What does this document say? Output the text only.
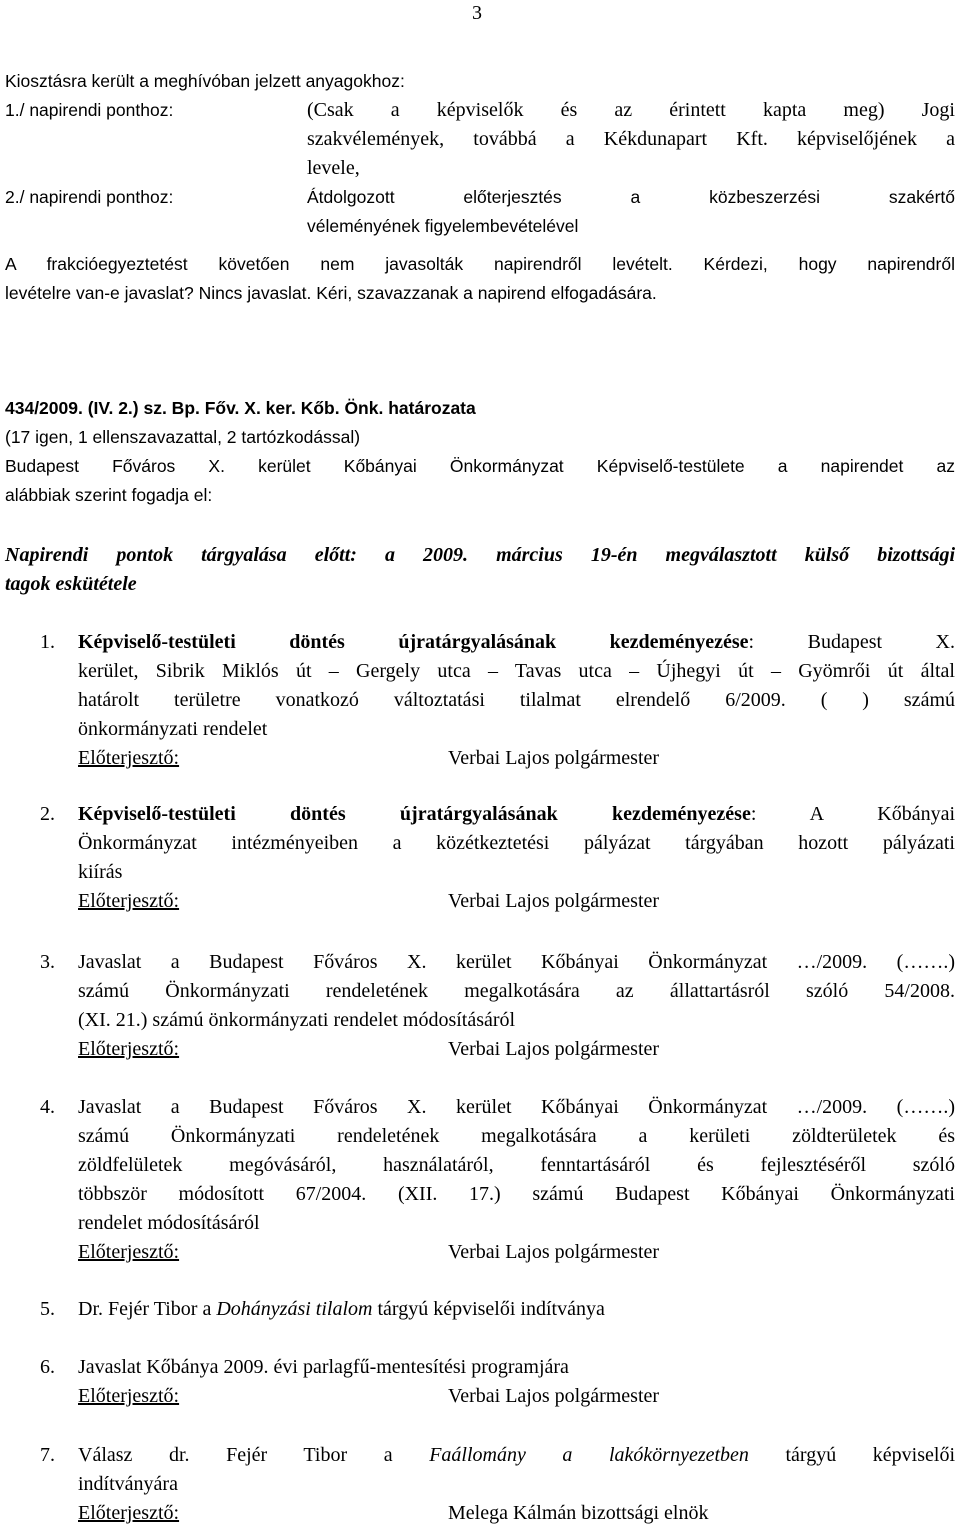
3
Kiosztásra került a meghívóban jelzett anyagokhoz:
1./ napirendi ponthoz:	(Csak a képviselők és az érintett kapta meg) Jogi
szakvélemények, továbbá a Kékdunapart Kft. képviselőjének a
levele,
2./ napirendi ponthoz:	Átdolgozott előterjesztés a közbeszerzési szakértő
véleményének figyelembevételével
A frakcióegyeztetést követően nem javasolták napirendről levételt. Kérdezi, hogy napirendről
levételre van-e javaslat? Nincs javaslat. Kéri, szavazzanak a napirend elfogadására.
434/2009. (IV. 2.) sz. Bp. Főv. X. ker. Kőb. Önk. határozata
(17 igen, 1 ellenszavazattal, 2 tartózkodással)
Budapest Főváros X. kerület Kőbányai Önkormányzat Képviselő-testülete a napirendet az
alábbiak szerint fogadja el:
Napirendi pontok tárgyalása előtt: a 2009. március 19-én megválasztott külső bizottsági
tagok eskütétele
1. Képviselő-testületi döntés újratárgyalásának kezdeményezése: Budapest X.
kerület, Sibrik Miklós út – Gergely utca – Tavas utca – Újhegyi út – Gyömrői út által
határolt területre vonatkozó változtatási tilalmat elrendelő 6/2009. ( ) számú
önkormányzati rendelet
Előterjesztő:	Verbai Lajos polgármester
2. Képviselő-testületi döntés újratárgyalásának kezdeményezése: A Kőbányai
Önkormányzat intézményeiben a közétkeztetési pályázat tárgyában hozott pályázati
kiírás
Előterjesztő:	Verbai Lajos polgármester
3. Javaslat a Budapest Főváros X. kerület Kőbányai Önkormányzat …/2009. (…….)
számú Önkormányzati rendeletének megalkotására az állattartásról szóló 54/2008.
(XI. 21.) számú önkormányzati rendelet módosításáról
Előterjesztő:	Verbai Lajos polgármester
4. Javaslat a Budapest Főváros X. kerület Kőbányai Önkormányzat …/2009. (…….)
számú Önkormányzati rendeletének megalkotására a kerületi zöldterületek és
zöldfelületek megóvásáról, használatáról, fenntartásáról és fejlesztéséről szóló
többször módosított 67/2004. (XII. 17.) számú Budapest Kőbányai Önkormányzati
rendelet módosításáról
Előterjesztő:	Verbai Lajos polgármester
5. Dr. Fejér Tibor a Dohányzási tilalom tárgyú képviselői indítványa
6. Javaslat Kőbánya 2009. évi parlagfű-mentesítési programjára
Előterjesztő:	Verbai Lajos polgármester
7. Válasz dr. Fejér Tibor a Faállomány a lakókörnyezetben tárgyú képviselői
indítványára
Előterjesztő:	Melega Kálmán bizottsági elnök
